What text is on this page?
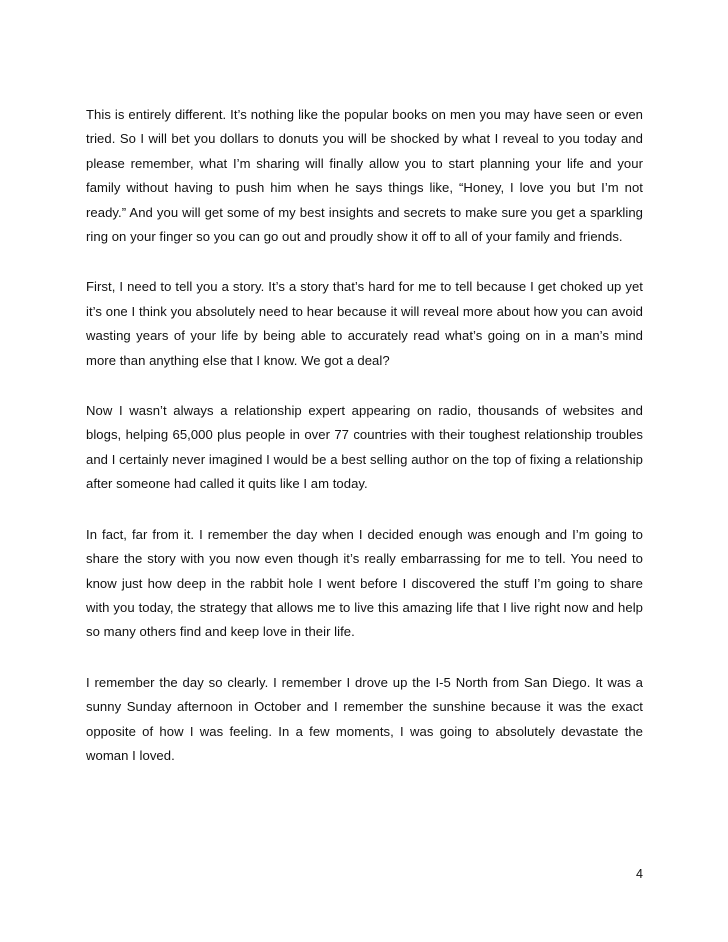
This is entirely different. It’s nothing like the popular books on men you may have seen or even tried. So I will bet you dollars to donuts you will be shocked by what I reveal to you today and please remember, what I’m sharing will finally allow you to start planning your life and your family without having to push him when he says things like, “Honey, I love you but I’m not ready.” And you will get some of my best insights and secrets to make sure you get a sparkling ring on your finger so you can go out and proudly show it off to all of your family and friends.

First, I need to tell you a story. It’s a story that’s hard for me to tell because I get choked up yet it’s one I think you absolutely need to hear because it will reveal more about how you can avoid wasting years of your life by being able to accurately read what’s going on in a man’s mind more than anything else that I know. We got a deal?

Now I wasn’t always a relationship expert appearing on radio, thousands of websites and blogs, helping 65,000 plus people in over 77 countries with their toughest relationship troubles and I certainly never imagined I would be a best selling author on the top of fixing a relationship after someone had called it quits like I am today.

In fact, far from it. I remember the day when I decided enough was enough and I’m going to share the story with you now even though it’s really embarrassing for me to tell. You need to know just how deep in the rabbit hole I went before I discovered the stuff I’m going to share with you today, the strategy that allows me to live this amazing life that I live right now and help so many others find and keep love in their life.

I remember the day so clearly. I remember I drove up the I-5 North from San Diego. It was a sunny Sunday afternoon in October and I remember the sunshine because it was the exact opposite of how I was feeling. In a few moments, I was going to absolutely devastate the woman I loved.

4
